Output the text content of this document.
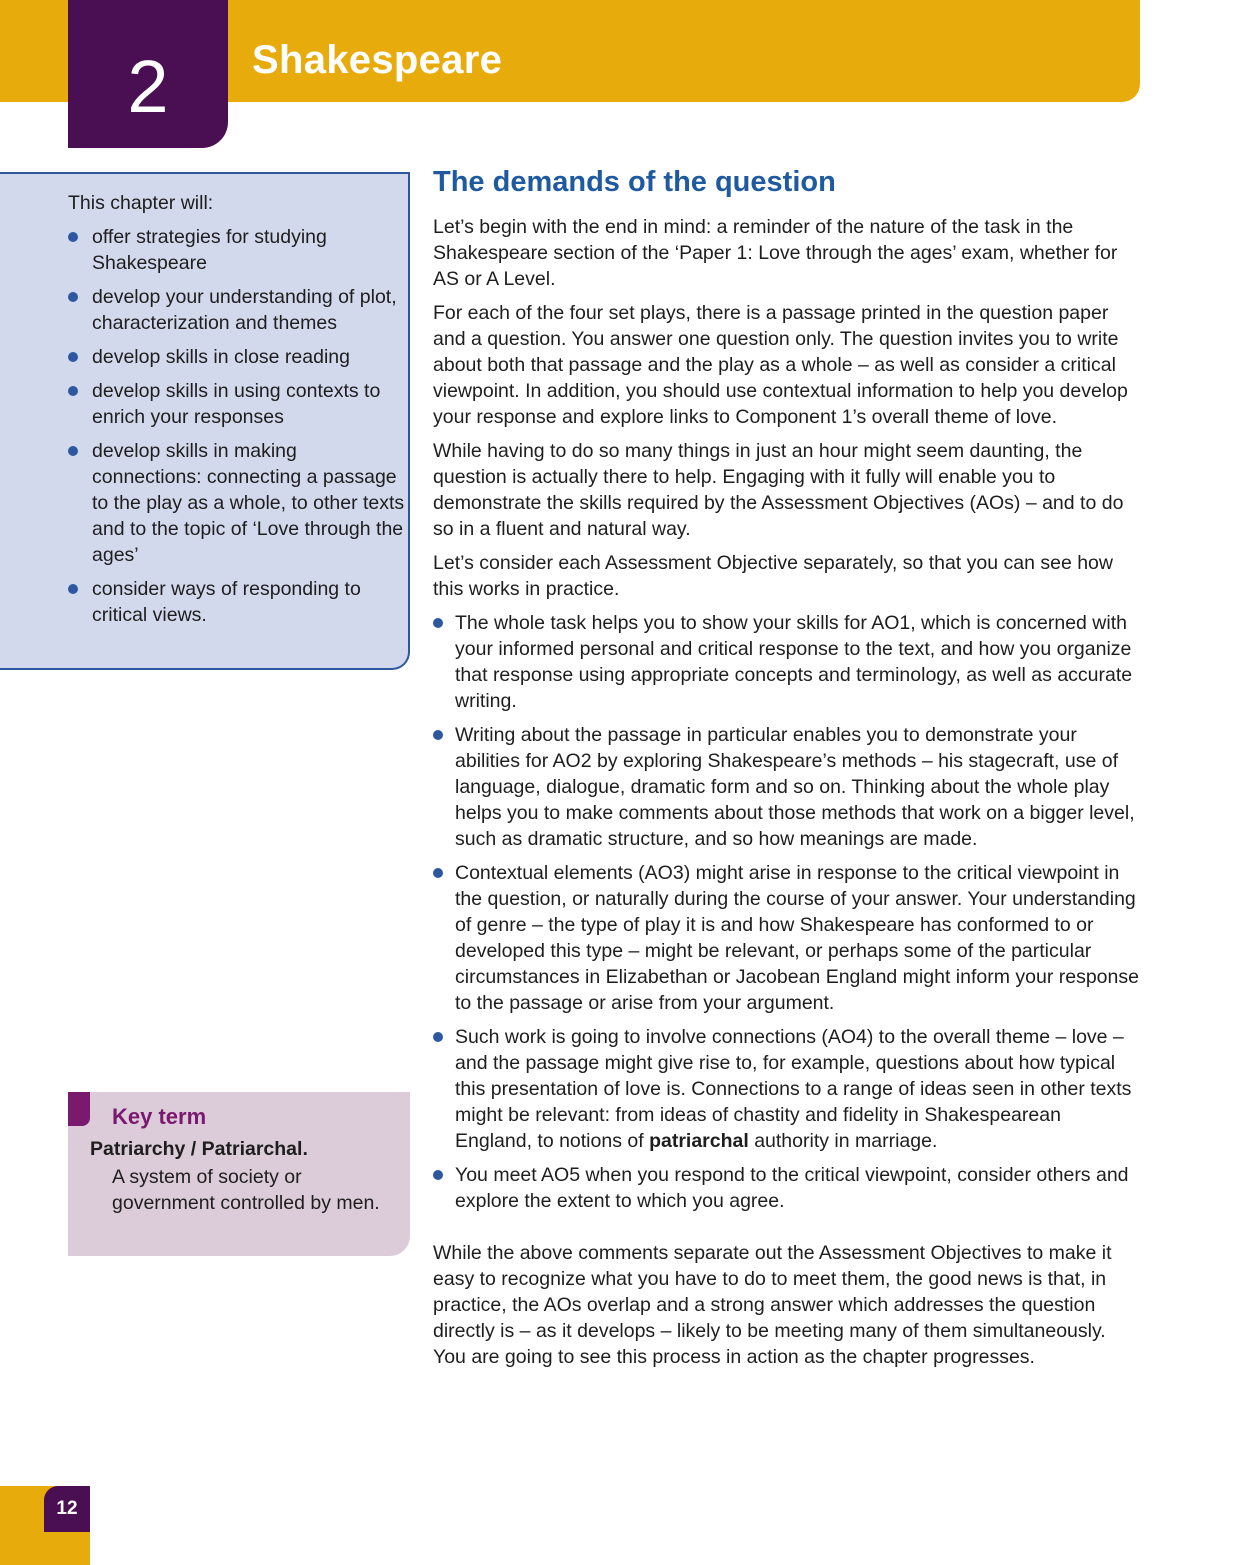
2 Shakespeare

This chapter will:

offer strategies for studying Shakespeare
develop your understanding of plot, characterization and themes
develop skills in close reading
develop skills in using contexts to enrich your responses
develop skills in making connections: connecting a passage to the play as a whole, to other texts and to the topic of ‘Love through the ages’
consider ways of responding to critical views.
Key term
Patriarchy / Patriarchal.
A system of society or government controlled by men.
The demands of the question

Let’s begin with the end in mind: a reminder of the nature of the task in the Shakespeare section of the ‘Paper 1: Love through the ages’ exam, whether for AS or A Level.

For each of the four set plays, there is a passage printed in the question paper and a question. You answer one question only. The question invites you to write about both that passage and the play as a whole – as well as consider a critical viewpoint. In addition, you should use contextual information to help you develop your response and explore links to Component 1’s overall theme of love.

While having to do so many things in just an hour might seem daunting, the question is actually there to help. Engaging with it fully will enable you to demonstrate the skills required by the Assessment Objectives (AOs) – and to do so in a fluent and natural way.

Let’s consider each Assessment Objective separately, so that you can see how this works in practice.

The whole task helps you to show your skills for AO1, which is concerned with your informed personal and critical response to the text, and how you organize that response using appropriate concepts and terminology, as well as accurate writing.
Writing about the passage in particular enables you to demonstrate your abilities for AO2 by exploring Shakespeare’s methods – his stagecraft, use of language, dialogue, dramatic form and so on. Thinking about the whole play helps you to make comments about those methods that work on a bigger level, such as dramatic structure, and so how meanings are made.
Contextual elements (AO3) might arise in response to the critical viewpoint in the question, or naturally during the course of your answer. Your understanding of genre – the type of play it is and how Shakespeare has conformed to or developed this type – might be relevant, or perhaps some of the particular circumstances in Elizabethan or Jacobean England might inform your response to the passage or arise from your argument.
Such work is going to involve connections (AO4) to the overall theme – love – and the passage might give rise to, for example, questions about how typical this presentation of love is. Connections to a range of ideas seen in other texts might be relevant: from ideas of chastity and fidelity in Shakespearean England, to notions of patriarchal authority in marriage.
You meet AO5 when you respond to the critical viewpoint, consider others and explore the extent to which you agree.

While the above comments separate out the Assessment Objectives to make it easy to recognize what you have to do to meet them, the good news is that, in practice, the AOs overlap and a strong answer which addresses the question directly is – as it develops – likely to be meeting many of them simultaneously. You are going to see this process in action as the chapter progresses.

12
